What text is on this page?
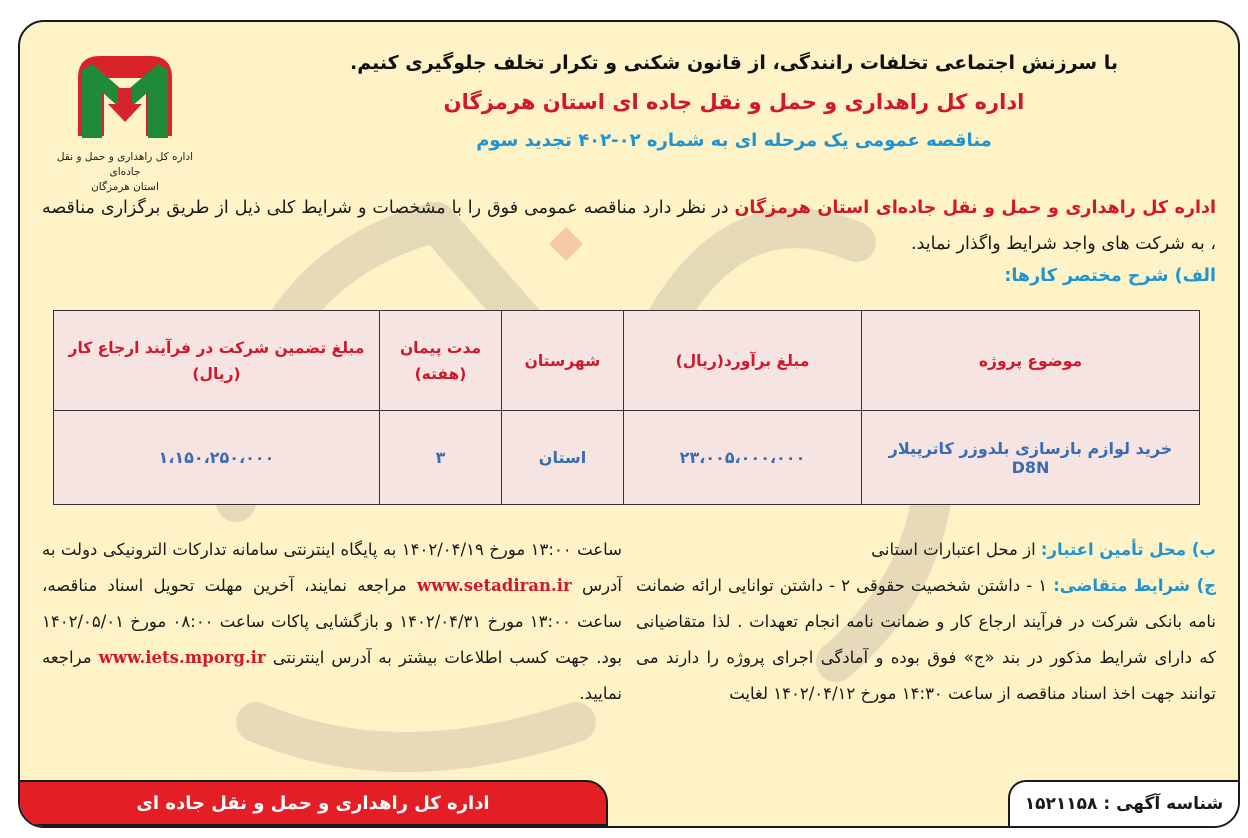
اداره کل راهداری و حمل و نقل جاده‌ای
استان هرمزگان
با سرزنش اجتماعی تخلفات رانندگی، از قانون شکنی و تکرار تخلف جلوگیری کنیم.
اداره کل راهداری و حمل و نقل جاده ای استان هرمزگان
مناقصه عمومی یک مرحله ای به شماره ۰۲-۴۰۲ تجدید سوم

اداره کل راهداری و حمل و نقل جاده‌ای استان هرمزگان در نظر دارد مناقصه عمومی فوق را با مشخصات و شرایط کلی ذیل از طریق برگزاری مناقصه ، به شرکت های واجد شرایط واگذار نماید.

الف) شرح مختصر کارها:
موضوع پروژه	مبلغ برآورد(ریال)	شهرستان	مدت پیمان (هفته)	مبلغ تضمین شرکت در فرآیند ارجاع کار (ریال)
خرید لوازم بازسازی بلدوزر کاترپیلار D8N	۲۳،۰۰۵،۰۰۰،۰۰۰	استان	۳	۱،۱۵۰،۲۵۰،۰۰۰

ب) محل تأمین اعتبار: از محل اعتبارات استانی

ج) شرایط متقاضی: ۱ - داشتن شخصیت حقوقی ۲ - داشتن توانایی ارائه ضمانت نامه بانکی شرکت در فرآیند ارجاع کار و ضمانت نامه انجام تعهدات . لذا متقاضیانی که دارای شرایط مذکور در بند «ج» فوق بوده و آمادگی اجرای پروژه را دارند می توانند جهت اخذ اسناد مناقصه از ساعت ۱۴:۳۰ مورخ ۱۴۰۲/۰۴/۱۲ لغایت

ساعت ۱۳:۰۰ مورخ ۱۴۰۲/۰۴/۱۹ به پایگاه اینترنتی سامانه تدارکات الترونیکی دولت به آدرس www.setadiran.ir مراجعه نمایند، آخرین مهلت تحویل اسناد مناقصه، ساعت ۱۳:۰۰ مورخ ۱۴۰۲/۰۴/۳۱ و بازگشایی پاکات ساعت ۰۸:۰۰ مورخ ۱۴۰۲/۰۵/۰۱ بود. جهت کسب اطلاعات بیشتر به آدرس اینترنتی www.iets.mporg.ir مراجعه نمایید.

شناسه آگهی : ۱۵۲۱۱۵۸
اداره کل راهداری و حمل و نقل جاده ای
